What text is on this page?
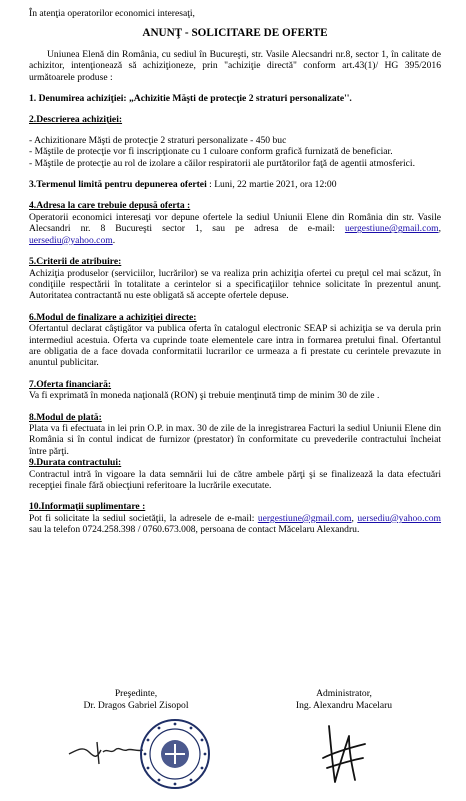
În atenţia operatorilor economici interesaţi,

ANUNŢ - SOLICITARE DE OFERTE

Uniunea Elenă din România, cu sediul în Bucureşti, str. Vasile Alecsandri nr.8, sector 1, în calitate de achizitor, intenţionează să achiziţioneze, prin "achiziţie directă" conform art.43(1)/ HG 395/2016 următoarele produse :

1. Denumirea achiziţiei: „Achizitie Măşti de protecţie 2 straturi personalizate''.

2.Descrierea achiziţiei:

- Achizitionare Măşti de protecţie 2 straturi personalizate - 450 buc

- Măştile de protecţie vor fi inscripţionate cu 1 culoare conform grafică furnizată de beneficiar.

- Măştile de protecţie au rol de izolare a căilor respiratorii ale purtătorilor faţă de agentii atmosferici.

3.Termenul limită pentru depunerea ofertei : Luni, 22 martie 2021, ora 12:00

4.Adresa la care trebuie depusă oferta :

Operatorii economici interesaţi vor depune ofertele la sediul Uniunii Elene din România din str. Vasile Alecsandri nr. 8 Bucureşti sector 1, sau pe adresa de e-mail: uergestiune@gmail.com, uersediu@yahoo.com.

5.Criterii de atribuire:

Achiziţia produselor (serviciilor, lucrărilor) se va realiza prin achiziţia ofertei cu preţul cel mai scăzut, în condiţiile respectării în totalitate a cerintelor si a specificaţiilor tehnice solicitate în prezentul anunţ. Autoritatea contractantă nu este obligată să accepte ofertele depuse.

6.Modul de finalizare a achiziţiei directe:

Ofertantul declarat câştigător va publica oferta în catalogul electronic SEAP si achiziţia se va derula prin intermediul acestuia. Oferta va cuprinde toate elementele care intra in formarea pretului final. Ofertantul are obligatia de a face dovada conformitatii lucrarilor ce urmeaza a fi prestate cu cerintele prevazute in anuntul publicitar.

7.Oferta financiară:

Va fi exprimată în moneda naţională (RON) şi trebuie menţinută timp de minim 30 de zile .

8.Modul de plată:

Plata va fi efectuata in lei prin O.P. in max. 30 de zile de la inregistrarea Facturi la sediul Uniunii Elene din România si în contul indicat de furnizor (prestator) în conformitate cu prevederile contractului încheiat între părţi.

9.Durata contractului:

Contractul intră în vigoare la data semnării lui de către ambele părţi şi se finalizează la data efectuări recepţiei finale fără obiecţiuni referitoare la lucrările executate.

10.Informaţii suplimentare :

Pot fi solicitate la sediul societăţii, la adresele de e-mail: uergestiune@gmail.com, uersediu@yahoo.com sau la telefon 0724.258.398 / 0760.673.008, persoana de contact Măcelaru Alexandru.

Preşedinte,
Dr. Dragos Gabriel Zisopol
Administrator,
Ing. Alexandru Macelaru
